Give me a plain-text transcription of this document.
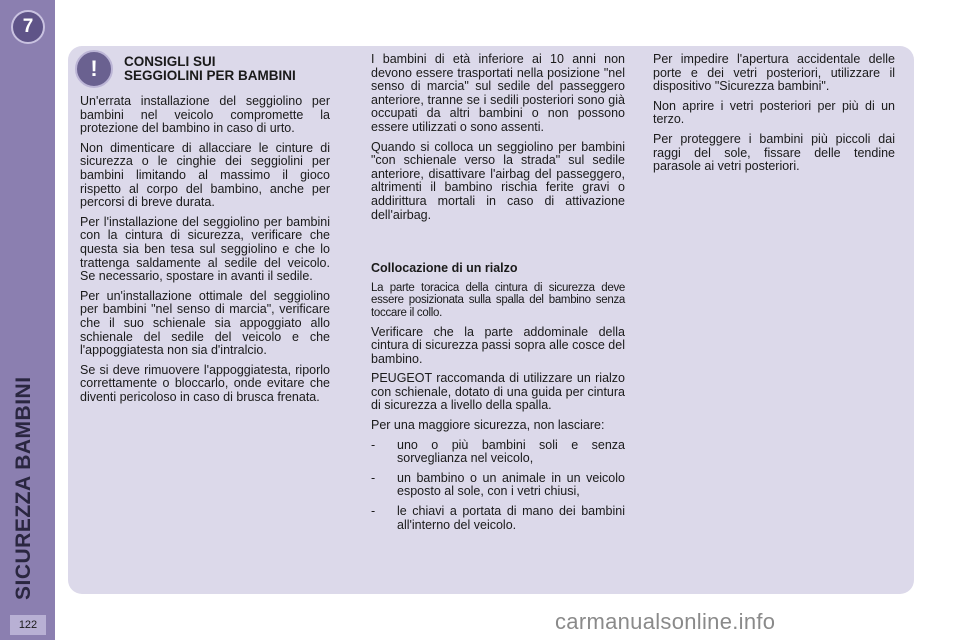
7
SICUREZZA BAMBINI
122
!	CONSIGLI SUI
SEGGIOLINI PER BAMBINI

Un'errata installazione del seggiolino per bambini nel veicolo compromette la protezione del bambino in caso di urto.

Non dimenticare di allacciare le cinture di sicurezza o le cinghie dei seggiolini per bambini limitando al massimo il gioco rispetto al corpo del bambino, anche per percorsi di breve durata.

Per l'installazione del seggiolino per bambini con la cintura di sicurezza, verificare che questa sia ben tesa sul seggiolino e che lo trattenga saldamente al sedile del veicolo. Se necessario, spostare in avanti il sedile.

Per un'installazione ottimale del seggiolino per bambini "nel senso di marcia", verificare che il suo schienale sia appoggiato allo schienale del sedile del veicolo e che l'appoggiatesta non sia d'intralcio.

Se si deve rimuovere l'appoggiatesta, riporlo correttamente o bloccarlo, onde evitare che diventi pericoloso in caso di brusca frenata.

I bambini di età inferiore ai 10 anni non devono essere trasportati nella posizione "nel senso di marcia" sul sedile del passeggero anteriore, tranne se i sedili posteriori sono già occupati da altri bambini o non possono essere utilizzati o sono assenti.

Quando si colloca un seggiolino per bambini "con schienale verso la strada" sul sedile anteriore, disattivare l'airbag del passeggero, altrimenti il bambino rischia ferite gravi o addirittura mortali in caso di attivazione dell'airbag.

Collocazione di un rialzo

La parte toracica della cintura di sicurezza deve essere posizionata sulla spalla del bambino senza toccare il collo.

Verificare che la parte addominale della cintura di sicurezza passi sopra alle cosce del bambino.

PEUGEOT raccomanda di utilizzare un rialzo con schienale, dotato di una guida per cintura di sicurezza a livello della spalla.

Per una maggiore sicurezza, non lasciare:

- uno o più bambini soli e senza sorveglianza nel veicolo,
- un bambino o un animale in un veicolo esposto al sole, con i vetri chiusi,
- le chiavi a portata di mano dei bambini all'interno del veicolo.

Per impedire l'apertura accidentale delle porte e dei vetri posteriori, utilizzare il dispositivo "Sicurezza bambini".

Non aprire i vetri posteriori per più di un terzo.

Per proteggere i bambini più piccoli dai raggi del sole, fissare delle tendine parasole ai vetri posteriori.

carmanualsonline.info
